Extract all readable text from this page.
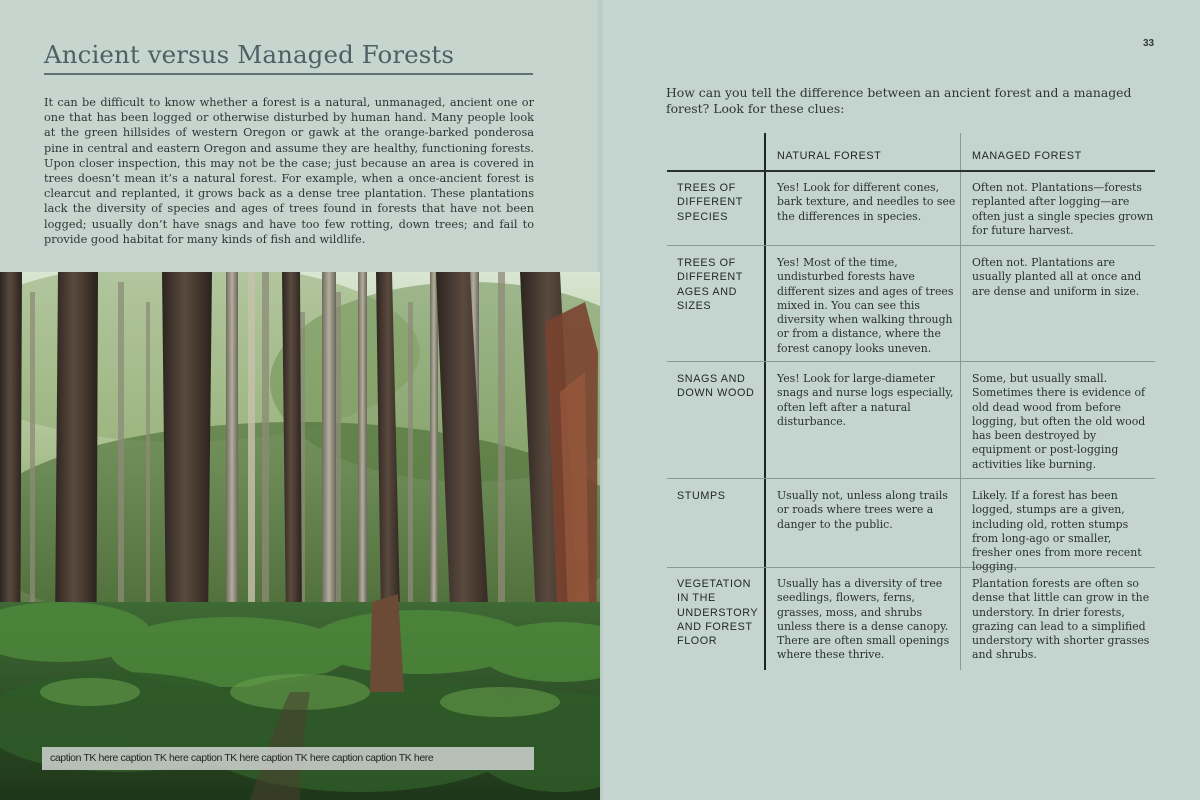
Ancient versus Managed Forests

It can be difficult to know whether a forest is a natural, unmanaged, ancient one or one that has been logged or otherwise disturbed by human hand. Many people look at the green hillsides of western Oregon or gawk at the orange-barked ponderosa pine in central and eastern Oregon and assume they are healthy, functioning forests. Upon closer inspection, this may not be the case; just because an area is covered in trees doesn’t mean it’s a natural forest. For example, when a once-ancient forest is clearcut and replanted, it grows back as a dense tree plantation. These plantations lack the diversity of species and ages of trees found in forests that have not been logged; usually don’t have snags and have too few rotting, down trees; and fail to provide good habitat for many kinds of fish and wildlife.

caption TK here caption TK here caption TK here caption TK here caption caption TK here
33

How can you tell the difference between an ancient forest and a managed forest? Look for these clues:

NATURAL FOREST	MANAGED FOREST
TREES OF DIFFERENT SPECIES
Yes! Look for different cones, bark texture, and needles to see the differences in species.
Often not. Plantations—forests replanted after logging—are often just a single species grown for future harvest.
TREES OF DIFFERENT AGES AND SIZES
Yes! Most of the time, undisturbed forests have different sizes and ages of trees mixed in. You can see this diversity when walking through or from a distance, where the forest canopy looks uneven.
Often not. Plantations are usually planted all at once and are dense and uniform in size.
SNAGS AND DOWN WOOD
Yes! Look for large-diameter snags and nurse logs especially, often left after a natural disturbance.
Some, but usually small. Sometimes there is evidence of old dead wood from before logging, but often the old wood has been destroyed by equipment or post-logging activities like burning.
STUMPS	Usually not, unless along trails or roads where trees were a danger to the public.
Likely. If a forest has been logged, stumps are a given, including old, rotten stumps from long-ago or smaller, fresher ones from more recent logging.
VEGETATION IN THE UNDERSTORY AND FOREST FLOOR
Usually has a diversity of tree seedlings, flowers, ferns, grasses, moss, and shrubs unless there is a dense canopy. There are often small openings where these thrive.
Plantation forests are often so dense that little can grow in the understory. In drier forests, grazing can lead to a simplified understory with shorter grasses and shrubs.
